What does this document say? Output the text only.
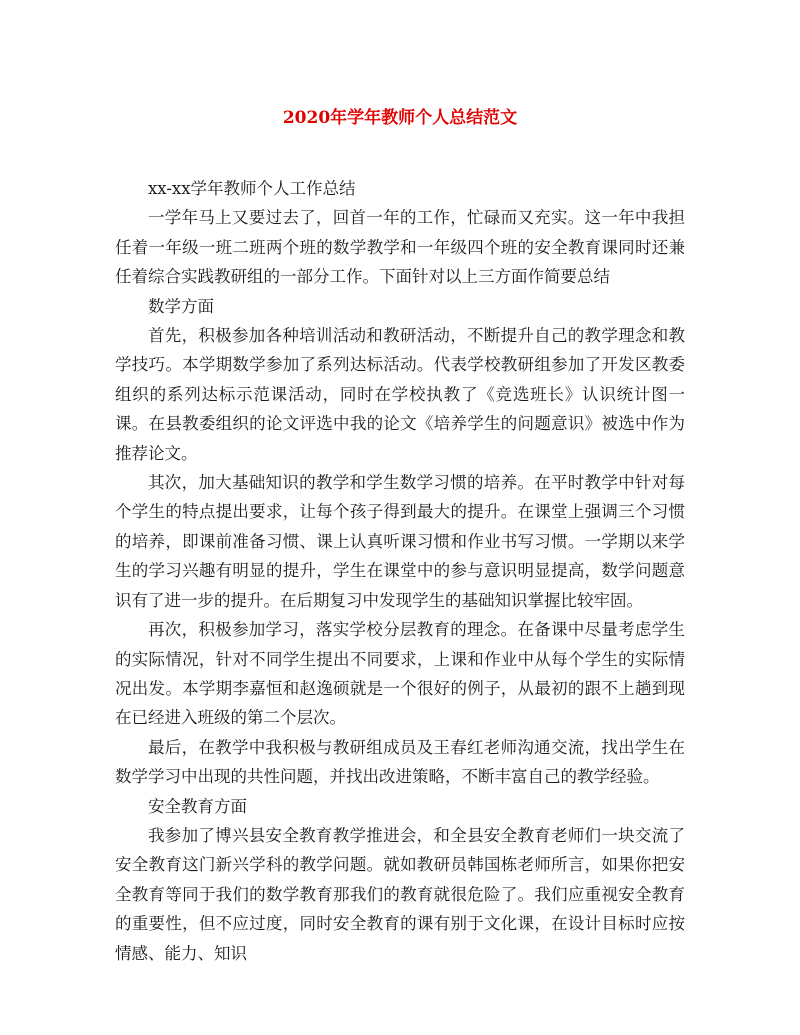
2020年学年教师个人总结范文

xx-xx学年教师个人工作总结

一学年马上又要过去了，回首一年的工作，忙碌而又充实。这一年中我担任着一年级一班二班两个班的数学教学和一年级四个班的安全教育课同时还兼任着综合实践教研组的一部分工作。下面针对以上三方面作简要总结

数学方面

首先，积极参加各种培训活动和教研活动，不断提升自己的教学理念和教学技巧。本学期数学参加了系列达标活动。代表学校教研组参加了开发区教委组织的系列达标示范课活动，同时在学校执教了《竞选班长》认识统计图一课。在县教委组织的论文评选中我的论文《培养学生的问题意识》被选中作为推荐论文。

其次，加大基础知识的教学和学生数学习惯的培养。在平时教学中针对每个学生的特点提出要求，让每个孩子得到最大的提升。在课堂上强调三个习惯的培养，即课前准备习惯、课上认真听课习惯和作业书写习惯。一学期以来学生的学习兴趣有明显的提升，学生在课堂中的参与意识明显提高，数学问题意识有了进一步的提升。在后期复习中发现学生的基础知识掌握比较牢固。

再次，积极参加学习，落实学校分层教育的理念。在备课中尽量考虑学生的实际情况，针对不同学生提出不同要求，上课和作业中从每个学生的实际情况出发。本学期李嘉恒和赵逸硕就是一个很好的例子，从最初的跟不上趟到现在已经进入班级的第二个层次。

最后，在教学中我积极与教研组成员及王春红老师沟通交流，找出学生在数学学习中出现的共性问题，并找出改进策略，不断丰富自己的教学经验。

安全教育方面

我参加了博兴县安全教育教学推进会，和全县安全教育老师们一块交流了安全教育这门新兴学科的教学问题。就如教研员韩国栋老师所言，如果你把安全教育等同于我们的数学教育那我们的教育就很危险了。我们应重视安全教育的重要性，但不应过度，同时安全教育的课有别于文化课，在设计目标时应按情感、能力、知识
